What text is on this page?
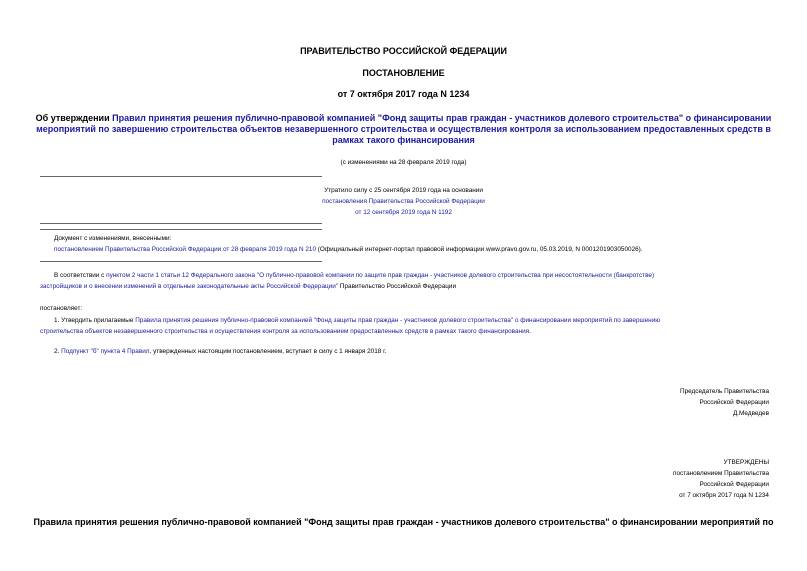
ПРАВИТЕЛЬСТВО РОССИЙСКОЙ ФЕДЕРАЦИИ
ПОСТАНОВЛЕНИЕ
от 7 октября 2017 года N 1234
Об утверждении Правил принятия решения публично-правовой компанией "Фонд защиты прав граждан - участников долевого строительства" о финансировании
мероприятий по завершению строительства объектов незавершенного строительства и осуществления контроля за использованием предоставленных средств в
рамках такого финансирования
(с изменениями на 28 февраля 2019 года)
Утратило силу с 25 сентября 2019 года на основании
постановления Правительства Российской Федерации
от 12 сентября 2019 года N 1192
Документ с изменениями, внесенными:
постановлением Правительства Российской Федерации от 28 февраля 2019 года N 210 (Официальный интернет-портал правовой информации www.pravo.gov.ru, 05.03.2019, N 0001201903050026).
В соответствии с пунктом 2 части 1 статьи 12 Федерального закона "О публично-правовой компании по защите прав граждан - участников долевого строительства при несостоятельности (банкротстве)
застройщиков и о внесении изменений в отдельные законодательные акты Российской Федерации" Правительство Российской Федерации
постановляет:
1. Утвердить прилагаемые Правила принятия решения публично-правовой компанией "Фонд защиты прав граждан - участников долевого строительства" о финансировании мероприятий по завершению
строительства объектов незавершенного строительства и осуществления контроля за использованием предоставленных средств в рамках такого финансирования.
2. Подпункт "б" пункта 4 Правил, утвержденных настоящим постановлением, вступает в силу с 1 января 2018 г.
Председатель Правительства
Российской Федерации
Д.Медведев
УТВЕРЖДЕНЫ
постановлением Правительства
Российской Федерации
от 7 октября 2017 года N 1234
Правила принятия решения публично-правовой компанией "Фонд защиты прав граждан - участников долевого строительства" о финансировании мероприятий по
